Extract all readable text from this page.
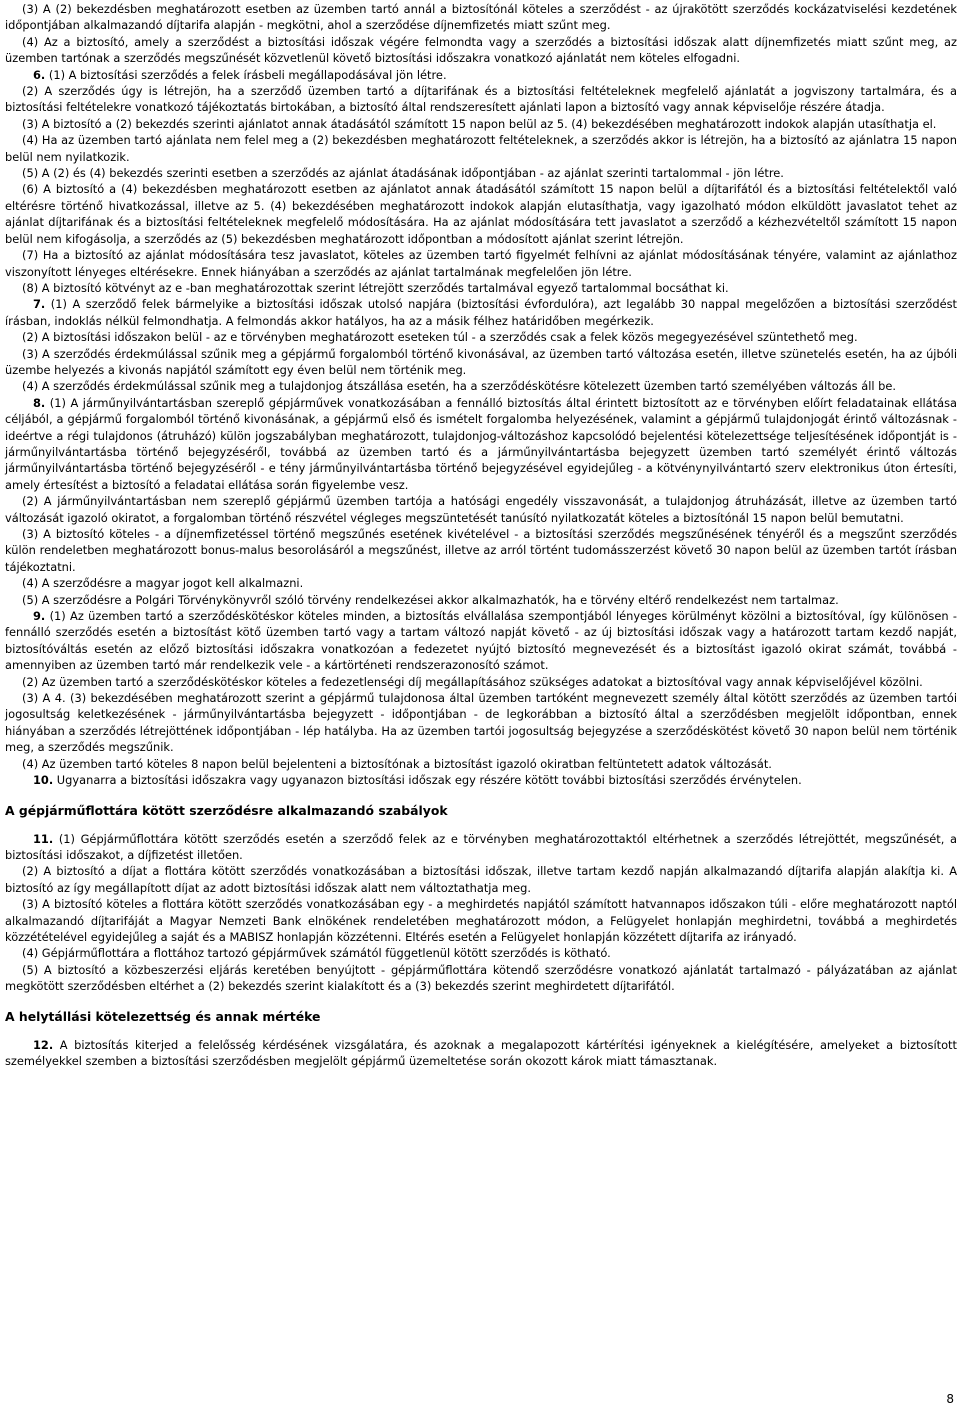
(3) A (2) bekezdésben meghatározott esetben az üzemben tartó annál a biztosítónál köteles a szerződést - az újrakötött szerződés kockázatviselési kezdetének időpontjában alkalmazandó díjtarifa alapján - megkötni, ahol a szerződése díjnemfizetés miatt szűnt meg.

(4) Az a biztosító, amely a szerződést a biztosítási időszak végére felmondta vagy a szerződés a biztosítási időszak alatt díjnemfizetés miatt szűnt meg, az üzemben tartónak a szerződés megszűnését közvetlenül követő biztosítási időszakra vonatkozó ajánlatát nem köteles elfogadni.

6. (1) A biztosítási szerződés a felek írásbeli megállapodásával jön létre.

(2) A szerződés úgy is létrejön, ha a szerződő üzemben tartó a díjtarifának és a biztosítási feltételeknek megfelelő ajánlatát a jogviszony tartalmára, és a biztosítási feltételekre vonatkozó tájékoztatás birtokában, a biztosító által rendszeresített ajánlati lapon a biztosító vagy annak képviselője részére átadja.

(3) A biztosító a (2) bekezdés szerinti ajánlatot annak átadásától számított 15 napon belül az 5. (4) bekezdésében meghatározott indokok alapján utasíthatja el.

(4) Ha az üzemben tartó ajánlata nem felel meg a (2) bekezdésben meghatározott feltételeknek, a szerződés akkor is létrejön, ha a biztosító az ajánlatra 15 napon belül nem nyilatkozik.

(5) A (2) és (4) bekezdés szerinti esetben a szerződés az ajánlat átadásának időpontjában - az ajánlat szerinti tartalommal - jön létre.

(6) A biztosító a (4) bekezdésben meghatározott esetben az ajánlatot annak átadásától számított 15 napon belül a díjtarifától és a biztosítási feltételektől való eltérésre történő hivatkozással, illetve az 5. (4) bekezdésében meghatározott indokok alapján elutasíthatja, vagy igazolható módon elküldött javaslatot tehet az ajánlat díjtarifának és a biztosítási feltételeknek megfelelő módosítására. Ha az ajánlat módosítására tett javaslatot a szerződő a kézhezvételtől számított 15 napon belül nem kifogásolja, a szerződés az (5) bekezdésben meghatározott időpontban a módosított ajánlat szerint létrejön.

(7) Ha a biztosító az ajánlat módosítására tesz javaslatot, köteles az üzemben tartó figyelmét felhívni az ajánlat módosításának tényére, valamint az ajánlathoz viszonyított lényeges eltérésekre. Ennek hiányában a szerződés az ajánlat tartalmának megfelelően jön létre.

(8) A biztosító kötvényt az e -ban meghatározottak szerint létrejött szerződés tartalmával egyező tartalommal bocsáthat ki.

7. (1) A szerződő felek bármelyike a biztosítási időszak utolsó napjára (biztosítási évfordulóra), azt legalább 30 nappal megelőzően a biztosítási szerződést írásban, indoklás nélkül felmondhatja. A felmondás akkor hatályos, ha az a másik félhez határidőben megérkezik.

(2) A biztosítási időszakon belül - az e törvényben meghatározott eseteken túl - a szerződés csak a felek közös megegyezésével szüntethető meg.

(3) A szerződés érdekmúlással szűnik meg a gépjármű forgalomból történő kivonásával, az üzemben tartó változása esetén, illetve szünetelés esetén, ha az újbóli üzembe helyezés a kivonás napjától számított egy éven belül nem történik meg.

(4) A szerződés érdekmúlással szűnik meg a tulajdonjog átszállása esetén, ha a szerződéskötésre kötelezett üzemben tartó személyében változás áll be.

8. (1) A járműnyilvántartásban szereplő gépjárművek vonatkozásában a fennálló biztosítás által érintett biztosított az e törvényben előírt feladatainak ellátása céljából, a gépjármű forgalomból történő kivonásának, a gépjármű első és ismételt forgalomba helyezésének, valamint a gépjármű tulajdonjogát érintő változásnak - ideértve a régi tulajdonos (átruházó) külön jogszabályban meghatározott, tulajdonjog-változáshoz kapcsolódó bejelentési kötelezettsége teljesítésének időpontját is - járműnyilvántartásba történő bejegyzéséről, továbbá az üzemben tartó és a járműnyilvántartásba bejegyzett üzemben tartó személyét érintő változás járműnyilvántartásba történő bejegyzéséről - e tény járműnyilvántartásba történő bejegyzésével egyidejűleg - a kötvénynyilvántartó szerv elektronikus úton értesíti, amely értesítést a biztosító a feladatai ellátása során figyelembe vesz.

(2) A járműnyilvántartásban nem szereplő gépjármű üzemben tartója a hatósági engedély visszavonását, a tulajdonjog átruházását, illetve az üzemben tartó változását igazoló okiratot, a forgalomban történő részvétel végleges megszüntetését tanúsító nyilatkozatát köteles a biztosítónál 15 napon belül bemutatni.

(3) A biztosító köteles - a díjnemfizetéssel történő megszűnés esetének kivételével - a biztosítási szerződés megszűnésének tényéről és a megszűnt szerződés külön rendeletben meghatározott bonus-malus besorolásáról a megszűnést, illetve az arról történt tudomásszerzést követő 30 napon belül az üzemben tartót írásban tájékoztatni.

(4) A szerződésre a magyar jogot kell alkalmazni.

(5) A szerződésre a Polgári Törvénykönyvről szóló törvény rendelkezései akkor alkalmazhatók, ha e törvény eltérő rendelkezést nem tartalmaz.

9. (1) Az üzemben tartó a szerződéskötéskor köteles minden, a biztosítás elvállalása szempontjából lényeges körülményt közölni a biztosítóval, így különösen - fennálló szerződés esetén a biztosítást kötő üzemben tartó vagy a tartam változó napját követő - az új biztosítási időszak vagy a határozott tartam kezdő napját, biztosítóváltás esetén az előző biztosítási időszakra vonatkozóan a fedezetet nyújtó biztosító megnevezését és a biztosítást igazoló okirat számát, továbbá - amennyiben az üzemben tartó már rendelkezik vele - a kártörténeti rendszerazonosító számot.

(2) Az üzemben tartó a szerződéskötéskor köteles a fedezetlenségi díj megállapításához szükséges adatokat a biztosítóval vagy annak képviselőjével közölni.

(3) A 4. (3) bekezdésében meghatározott szerint a gépjármű tulajdonosa által üzemben tartóként megnevezett személy által kötött szerződés az üzemben tartói jogosultság keletkezésének - járműnyilvántartásba bejegyzett - időpontjában - de legkorábban a biztosító által a szerződésben megjelölt időpontban, ennek hiányában a szerződés létrejöttének időpontjában - lép hatályba. Ha az üzemben tartói jogosultság bejegyzése a szerződéskötést követő 30 napon belül nem történik meg, a szerződés megszűnik.

(4) Az üzemben tartó köteles 8 napon belül bejelenteni a biztosítónak a biztosítást igazoló okiratban feltüntetett adatok változását.

10. Ugyanarra a biztosítási időszakra vagy ugyanazon biztosítási időszak egy részére kötött további biztosítási szerződés érvénytelen.

A gépjárműflottára kötött szerződésre alkalmazandó szabályok

11. (1) Gépjárműflottára kötött szerződés esetén a szerződő felek az e törvényben meghatározottaktól eltérhetnek a szerződés létrejöttét, megszűnését, a biztosítási időszakot, a díjfizetést illetően.

(2) A biztosító a díjat a flottára kötött szerződés vonatkozásában a biztosítási időszak, illetve tartam kezdő napján alkalmazandó díjtarifa alapján alakítja ki. A biztosító az így megállapított díjat az adott biztosítási időszak alatt nem változtathatja meg.

(3) A biztosító köteles a flottára kötött szerződés vonatkozásában egy - a meghirdetés napjától számított hatvannapos időszakon túli - előre meghatározott naptól alkalmazandó díjtarifáját a Magyar Nemzeti Bank elnökének rendeletében meghatározott módon, a Felügyelet honlapján meghirdetni, továbbá a meghirdetés közzétételével egyidejűleg a saját és a MABISZ honlapján közzétenni. Eltérés esetén a Felügyelet honlapján közzétett díjtarifa az irányadó.

(4) Gépjárműflottára a flottához tartozó gépjárművek számától függetlenül kötött szerződés is kötható.

(5) A biztosító a közbeszerzési eljárás keretében benyújtott - gépjárműflottára kötendő szerződésre vonatkozó ajánlatát tartalmazó - pályázatában az ajánlat megkötött szerződésben eltérhet a (2) bekezdés szerint kialakított és a (3) bekezdés szerint meghirdetett díjtarifától.

A helytállási kötelezettség és annak mértéke

12. A biztosítás kiterjed a felelősség kérdésének vizsgálatára, és azoknak a megalapozott kártérítési igényeknek a kielégítésére, amelyeket a biztosított személyekkel szemben a biztosítási szerződésben megjelölt gépjármű üzemeltetése során okozott károk miatt támasztanak.

8
